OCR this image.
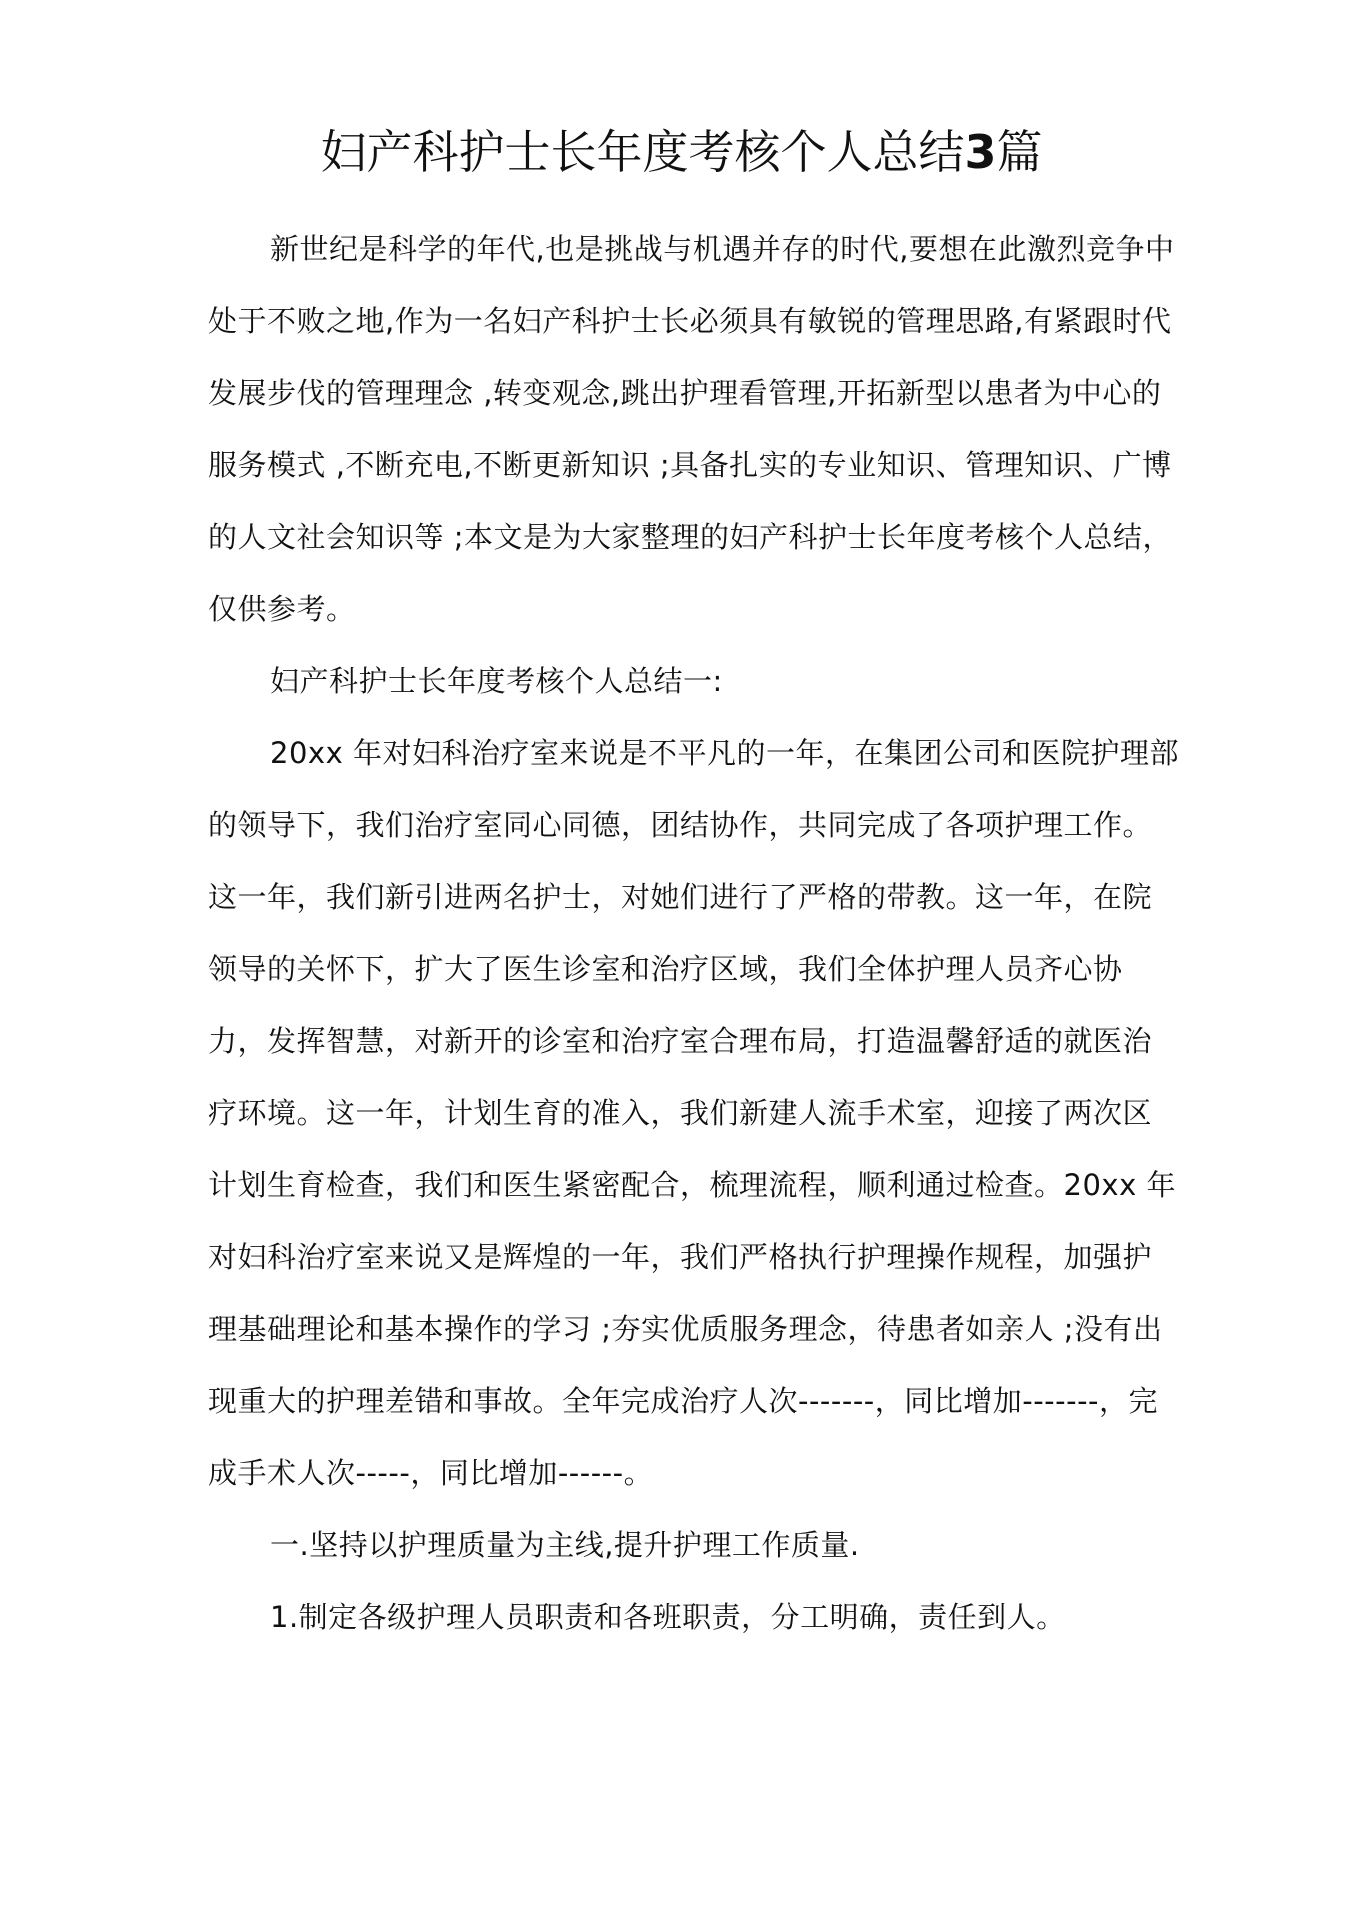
妇产科护士长年度考核个人总结3篇

新世纪是科学的年代,也是挑战与机遇并存的时代,要想在此激烈竞争中处于不败之地,作为一名妇产科护士长必须具有敏锐的管理思路,有紧跟时代发展步伐的管理理念 ,转变观念,跳出护理看管理,开拓新型以患者为中心的服务模式 ,不断充电,不断更新知识 ;具备扎实的专业知识、管理知识、广博的人文社会知识等 ;本文是为大家整理的妇产科护士长年度考核个人总结，仅供参考。

妇产科护士长年度考核个人总结一:

20xx 年对妇科治疗室来说是不平凡的一年，在集团公司和医院护理部的领导下，我们治疗室同心同德，团结协作，共同完成了各项护理工作。这一年，我们新引进两名护士，对她们进行了严格的带教。这一年，在院领导的关怀下，扩大了医生诊室和治疗区域，我们全体护理人员齐心协力，发挥智慧，对新开的诊室和治疗室合理布局，打造温馨舒适的就医治疗环境。这一年，计划生育的准入，我们新建人流手术室，迎接了两次区计划生育检查，我们和医生紧密配合，梳理流程，顺利通过检查。20xx 年对妇科治疗室来说又是辉煌的一年，我们严格执行护理操作规程，加强护理基础理论和基本操作的学习 ;夯实优质服务理念，待患者如亲人 ;没有出现重大的护理差错和事故。全年完成治疗人次-------，同比增加-------，完成手术人次-----，同比增加------。

一.坚持以护理质量为主线,提升护理工作质量.

1.制定各级护理人员职责和各班职责，分工明确，责任到人。
